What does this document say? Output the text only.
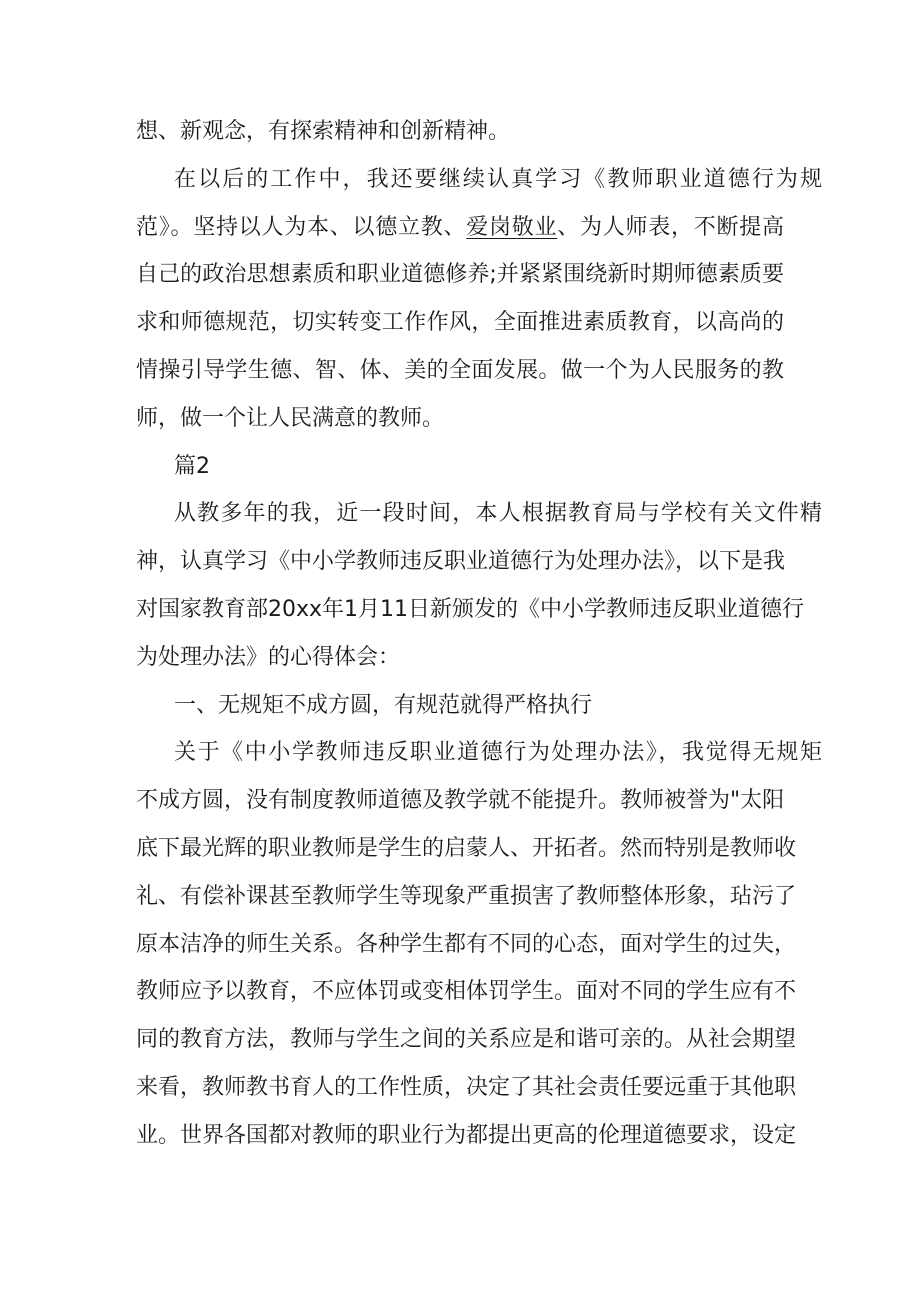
想、新观念，有探索精神和创新精神。
在以后的工作中，我还要继续认真学习《教师职业道德行为规
范》。坚持以人为本、以德立教、爱岗敬业、为人师表，不断提高
自己的政治思想素质和职业道德修养;并紧紧围绕新时期师德素质要
求和师德规范，切实转变工作作风，全面推进素质教育，以高尚的
情操引导学生德、智、体、美的全面发展。做一个为人民服务的教
师，做一个让人民满意的教师。
篇2
从教多年的我，近一段时间，本人根据教育局与学校有关文件精
神，认真学习《中小学教师违反职业道德行为处理办法》，以下是我
对国家教育部20xx年1月11日新颁发的《中小学教师违反职业道德行
为处理办法》的心得体会：
一、无规矩不成方圆，有规范就得严格执行
关于《中小学教师违反职业道德行为处理办法》，我觉得无规矩
不成方圆，没有制度教师道德及教学就不能提升。教师被誉为"太阳
底下最光辉的职业教师是学生的启蒙人、开拓者。然而特别是教师收
礼、有偿补课甚至教师学生等现象严重损害了教师整体形象，玷污了
原本洁净的师生关系。各种学生都有不同的心态，面对学生的过失，
教师应予以教育，不应体罚或变相体罚学生。面对不同的学生应有不
同的教育方法，教师与学生之间的关系应是和谐可亲的。从社会期望
来看，教师教书育人的工作性质，决定了其社会责任要远重于其他职
业。世界各国都对教师的职业行为都提出更高的伦理道德要求，设定
